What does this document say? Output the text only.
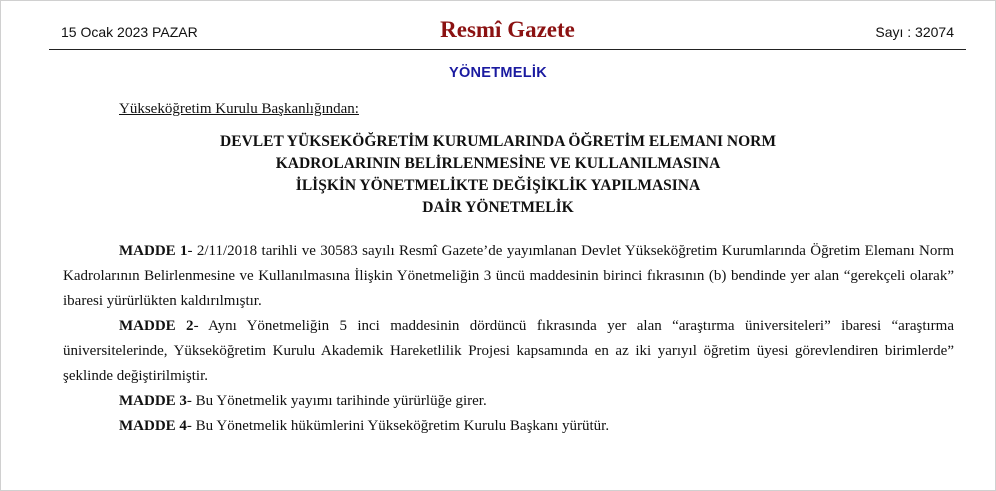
15 Ocak 2023 PAZAR	Resmî Gazete	Sayı : 32074
YÖNETMELİK
Yükseköğretim Kurulu Başkanlığından:
DEVLET YÜKSEKÖĞRETİM KURUMLARINDA ÖĞRETİM ELEMANI NORM
KADROLARININ BELİRLENMESİNE VE KULLANILMASINA
İLİŞKİN YÖNETMELİKTE DEĞİŞİKLİK YAPILMASINA
DAİR YÖNETMELİK

MADDE 1- 2/11/2018 tarihli ve 30583 sayılı Resmî Gazete’de yayımlanan Devlet Yükseköğretim Kurumlarında Öğretim Elemanı Norm Kadrolarının Belirlenmesine ve Kullanılmasına İlişkin Yönetmeliğin 3 üncü maddesinin birinci fıkrasının (b) bendinde yer alan “gerekçeli olarak” ibaresi yürürlükten kaldırılmıştır.

MADDE 2- Aynı Yönetmeliğin 5 inci maddesinin dördüncü fıkrasında yer alan “araştırma üniversiteleri” ibaresi “araştırma üniversitelerinde, Yükseköğretim Kurulu Akademik Hareketlilik Projesi kapsamında en az iki yarıyıl öğretim üyesi görevlendiren birimlerde” şeklinde değiştirilmiştir.

MADDE 3- Bu Yönetmelik yayımı tarihinde yürürlüğe girer.

MADDE 4- Bu Yönetmelik hükümlerini Yükseköğretim Kurulu Başkanı yürütür.
